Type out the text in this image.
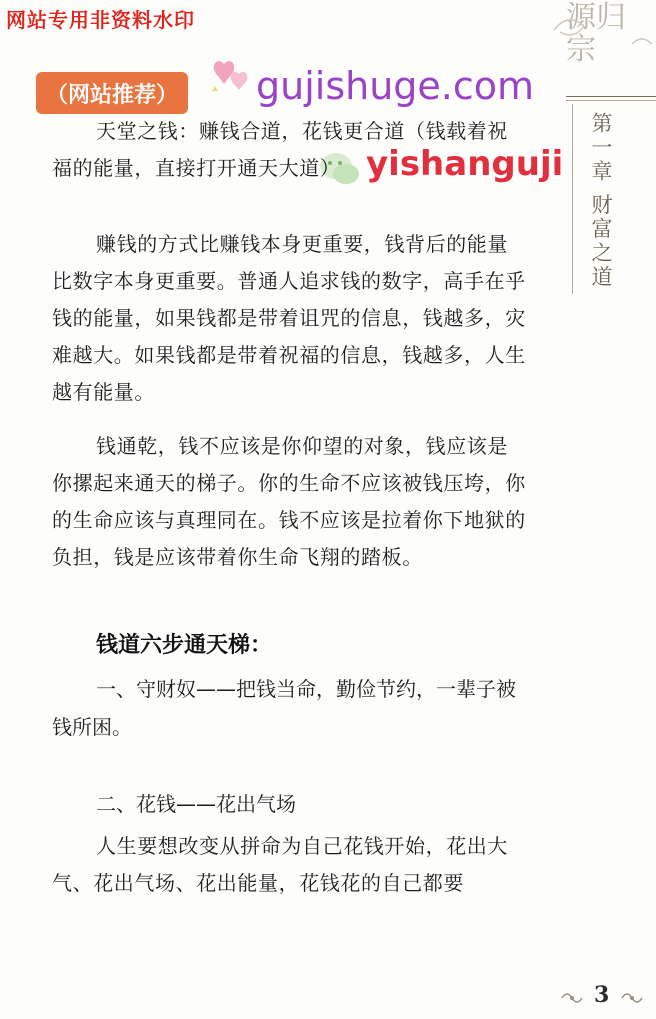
网站专用非资料水印	源归宗
第一章 财富之道
（网站推荐） gujishuge.com
yishanguji

天堂之钱：赚钱合道，花钱更合道（钱载着祝福的能量，直接打开通天大道）

赚钱的方式比赚钱本身更重要，钱背后的能量比数字本身更重要。普通人追求钱的数字，高手在乎钱的能量，如果钱都是带着诅咒的信息，钱越多，灾难越大。如果钱都是带着祝福的信息，钱越多，人生越有能量。

钱通乾，钱不应该是你仰望的对象，钱应该是你摞起来通天的梯子。你的生命不应该被钱压垮，你的生命应该与真理同在。钱不应该是拉着你下地狱的负担，钱是应该带着你生命飞翔的踏板。

钱道六步通天梯：

一、守财奴——把钱当命，勤俭节约，一辈子被钱所困。

二、花钱——花出气场

人生要想改变从拼命为自己花钱开始，花出大气、花出气场、花出能量，花钱花的自己都要

3
